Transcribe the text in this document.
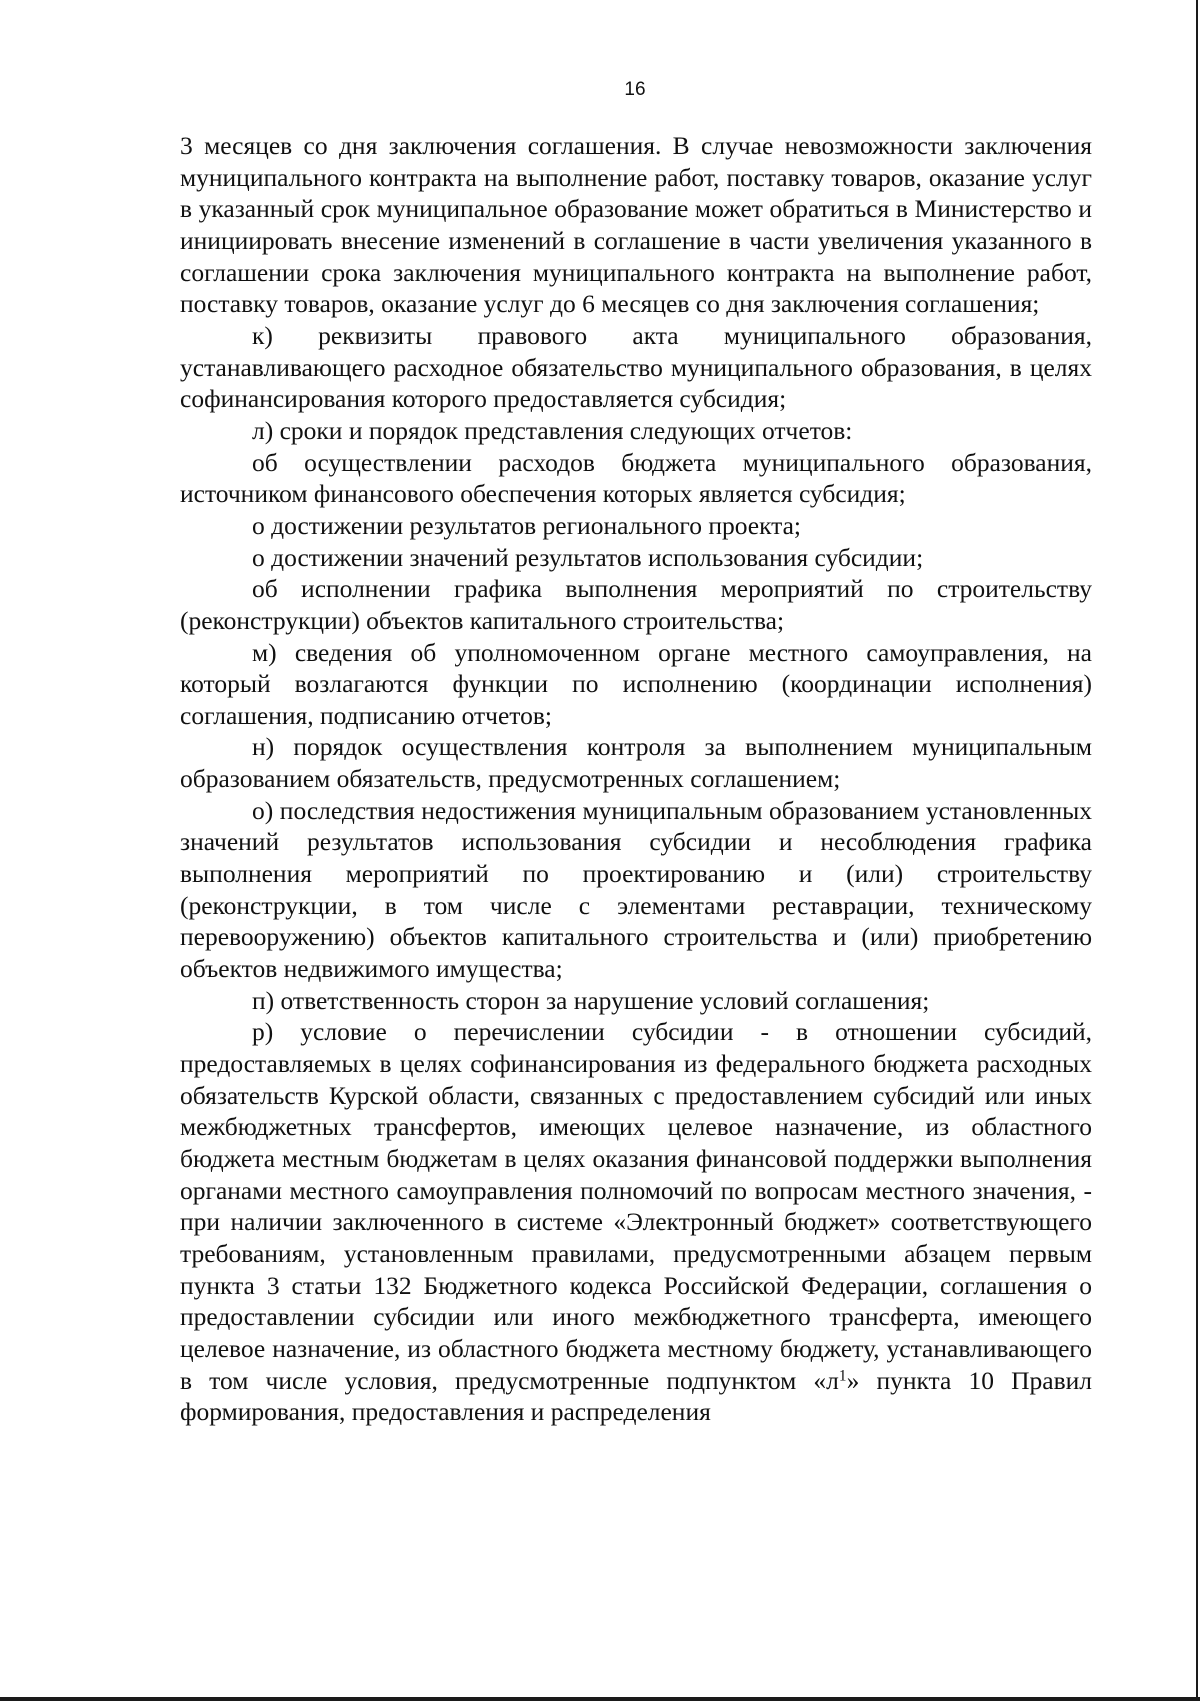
16

3 месяцев со дня заключения соглашения. В случае невозможности заключения муниципального контракта на выполнение работ, поставку товаров, оказание услуг в указанный срок муниципальное образование может обратиться в Министерство и инициировать внесение изменений в соглашение в части увеличения указанного в соглашении срока заключения муниципального контракта на выполнение работ, поставку товаров, оказание услуг до 6 месяцев со дня заключения соглашения;

к) реквизиты правового акта муниципального образования, устанавливающего расходное обязательство муниципального образования, в целях софинансирования которого предоставляется субсидия;

л) сроки и порядок представления следующих отчетов:

об осуществлении расходов бюджета муниципального образования, источником финансового обеспечения которых является субсидия;

о достижении результатов регионального проекта;

о достижении значений результатов использования субсидии;

об исполнении графика выполнения мероприятий по строительству (реконструкции) объектов капитального строительства;

м) сведения об уполномоченном органе местного самоуправления, на который возлагаются функции по исполнению (координации исполнения) соглашения, подписанию отчетов;

н) порядок осуществления контроля за выполнением муниципальным образованием обязательств, предусмотренных соглашением;

о) последствия недостижения муниципальным образованием установленных значений результатов использования субсидии и несоблюдения графика выполнения мероприятий по проектированию и (или) строительству (реконструкции, в том числе с элементами реставрации, техническому перевооружению) объектов капитального строительства и (или) приобретению объектов недвижимого имущества;

п) ответственность сторон за нарушение условий соглашения;

р) условие о перечислении субсидии - в отношении субсидий, предоставляемых в целях софинансирования из федерального бюджета расходных обязательств Курской области, связанных с предоставлением субсидий или иных межбюджетных трансфертов, имеющих целевое назначение, из областного бюджета местным бюджетам в целях оказания финансовой поддержки выполнения органами местного самоуправления полномочий по вопросам местного значения, - при наличии заключенного в системе «Электронный бюджет» соответствующего требованиям, установленным правилами, предусмотренными абзацем первым пункта 3 статьи 132 Бюджетного кодекса Российской Федерации, соглашения о предоставлении субсидии или иного межбюджетного трансферта, имеющего целевое назначение, из областного бюджета местному бюджету, устанавливающего в том числе условия, предусмотренные подпунктом «$л^1$» пункта 10 Правил формирования, предоставления и распределения
